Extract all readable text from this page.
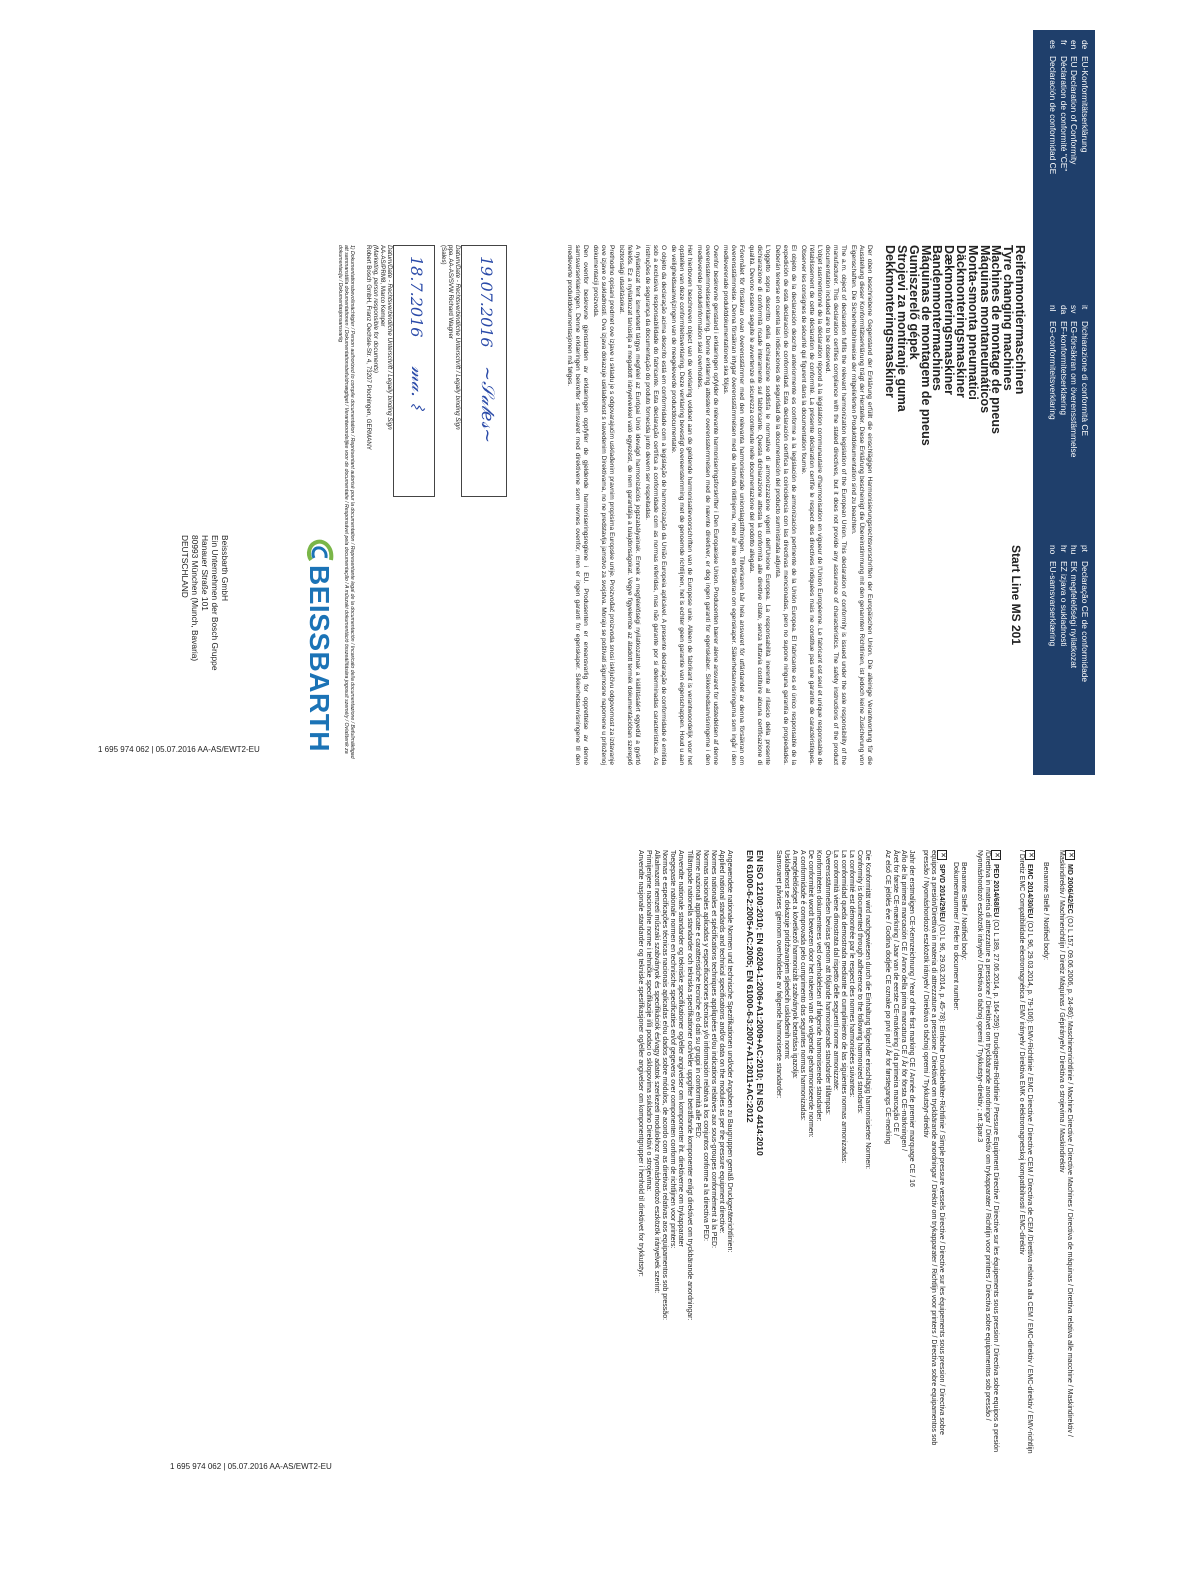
deEU-Konformitätserklärung
enEU Declaration of Conformity
frDéclaration de conformité "CE"
esDeclaración de conformidad CE
itDichiarazione di conformità CE
svEG-försäkran om överensstämmelse
daEF-konformitetserklæring
nlEG-conformiteitsverklaring
ptDeclaração CE de conformidade
huEK megfelelőségi nyilatkozat
hrEZ izjava o sukladnosti
noEU-samsvarserklæring
Reifenmontiermaschinen
Tyre changing machines
Machines de montage de pneus
Máquinas montaneumáticos
Monta-smonta pneumatici
Däckmonteringsmaskiner
Dækmonteringsmaskiner
Bandenmontermachines
Máquinas de montagem de pneus
Gumiszerelő gépek
Strojevi za montiranje guma
Dekkmonteringsmaskiner
Start Line MS 201
Der oben beschriebene Gegenstand der Erklärung erfüllt die einschlägigen Harmonisierungsrechtsvorschriften der Europäischen Union. Die alleinige Verantwortung für die Ausstellung dieser Konformitätserklärung trägt der Hersteller. Diese Erklärung bescheinigt die Übereinstimmung mit den genannten Richtlinien, ist jedoch keine Zusicherung von Eigenschaften. Die Sicherheitshinweise der mitgelieferten Produktdokumentation sind zu beachten.
The a.m. object of declaration fulfils the relevant harmonization legislation of the European Union. This declaration of conformity is issued under the sole responsibility of the manufacturer. This declaration certifies compliance with the stated directives, but it does not provide any assurance of characteristics. The safety instructions of the product documentation included are to be observed.
L'objet susmentionné de la déclaration répond à la législation communautaire d'harmonisation en vigueur de l'Union Européenne. Le fabricant est seul et unique responsable de l'établissement de cette déclaration de conformité. La présente déclaration certifie le respect des directives indiquées mais ne constitue pas une garantie de caractéristiques. Observer les consignes de sécurité qui figurent dans la documentation fournie.
El objeto de la declaración descrito anteriormente es conforme a la legislación de armonización pertinente de la Unión Europea. El fabricante es el único responsable de la expedición de esta declaración de conformidad. Esta declaración certifica la coincidencia con las directivas mencionadas, pero no supone ninguna garantía de propiedades. Deberán tenerse en cuenta las indicaciones de seguridad de la documentación del producto suministrada adjunta.
L'oggetto sopra descritto della dichiarazione soddisfa le normative di armonizzazione vigenti dell'Unione Europea. La responsabilità inerente al rilascio della presente dichiarazione di conformità ricade interamente sul fabbricante. Questa dichiarazione attesta la conformità alle direttive citate, senza tuttavia costituire alcuna certificazione di qualità. Devono essere seguite le avvertenze di sicurezza contenute nelle documentazione del prodotto allegata.
Föremålet för försäkran ovan överensstämmer med den relevanta harmoniserade unionslagstiftningen. Tillverkaren bär hela ansvaret för utfärdandet av denna försäkran om överensstämmelse. Denna försäkran intygar överensstämmelsen med de nämnda riktlinjerna, men är inte en försäkran om egenskaper. Säkerhetsanvisningarna som ingår i den medlevererade produktdokumentationen ska följas.
Ovenfor beskrevne genstand i erklæringen opfylder de relevante harmoniseringsforskrifter i Den Europæiske Union. Producenten bærer alene ansvaret for udstedelsen af denne overensstemmelseserklæring. Denne erklæring attesterer overensstemmelsen med de nævnte direktiver, er dog ingen garanti for egenskaber. Sikkerhedsanvisningerne i den medleverede produktinformation skal overholdes.
Het hierboven beschreven object van de verklaring voldoet aan de geldende harmonisatievoorschriften van de Europese unie. Alleen de fabrikant is verantwoordelijk voor het opstellen van deze conformiteitsverklaring. Deze verklaring bevestigt overeenstemming met de genoemde richtlijnen, het is echter geen garantie van eigenschappen. Houd u aan de veiligheidsaanwijzingen van de meegeleverde productdocumentatie.
O objeto da declaração acima descrito está em conformidade com a legislação de harmonização da União Europeia aplicável. A presente declaração de conformidade é emitida sob a exclusiva responsabilidade do fabricante. Esta declaração certifica a conformidade com as normas referidas, mas não garante por si determinadas características. As instruções de segurança da documentação do produto fornecida junto devem ser respeitadas.
A nyilatkozat fent ismertetett tárgya megfelel az Európai Unió idevágó harmonizációs jogszabályainak. Ennek a megfelelőségi nyilatkozatnak a kiállításáért egyedül a gyártó felelős. Ez a nyilatkozat tanúsítja a megadott irányelvekkel való egyezést, de nem garantálja a tulajdonságokat. Vegye figyelembe az átadott termék dokumentációban szereplő biztonsági utasításokat.
Prethodno opisani predmet ove izjave u skladu je s odgovarajućim usklađenim pravnim propisima Europske unije. Proizvođač proizvoda snosi isključivu odgovornost za izdavanje ove izjave o sukladnosti. Ova izjava dokazuje usklađenost s navedenim Direktivama, no ne predstavlja jamstvo za svojstva. Moraju se poštivati sigurnosne napomene u priloženoj dokumentaciji proizvoda.
Den ovenfor beskrevne gjenstanden av erklæringen oppfyller de gjeldende harmoniseringsreglene i EU. Produsenten er eneansvarlig for opprettelse av denne samsvarserklæringen. Denne erklæringen bekrefter samsvaret med direktivene som nevnes ovenfor, men er ingen garanti for egenskaper. Sikkerhetsanvisningene til den medleverte produktdokumentasjonen må følges.
19.07.2016
~𝒮𝒶𝓁𝑒𝓈~
Datum/Date - Rechtsverbindliche Unterschrift / Legally binding Sign
ppa. AA-AS/SVW Richard Wagner
(Sales)
18.7.2016
𝓂𝒶. ⌇
Datum/Date - Rechtsverbindliche Unterschrift / Legally binding Sign
AA-AS/PRM8, Marco Kemper
(Marketing, person responsible for documents)
Robert Bosch GmbH, Franz Oechsle-Str. 4, 73207 Plochingen, GERMANY
1) Dokumentationsbevollmächtigter / Person authorized to compile documentation / Représentant autorisé pour la documentation / Representante legal de la documentación / Incaricato della documentazione / Befullmäktigad att sammanställa dokumentationen / Dokumentationsbefuldmægtiget / Verantwoordelijke voor de documentatie / Responsável pela documentação / A műszaki dokumentáció összeállítására jogosult személy / Ovlaštenik za dokumentaciju / Dokumentasjonsansvarlig
BEISSBARTH
Beissbarth GmbH
Ein Unternehmen der Bosch Gruppe
Hanauer Straße 101
80993 München (Munch, Bavaria)
DEUTSCHLAND
1 695 974 062 | 05.07.2016 AA-AS/EWT2-EU
✕MD 2006/42/EC (OJ L 157, 09.06.2006, p. 24-86): Maschinenrichtlinie / Machine Directive / Directive Machines / Directiva de máquinas / Direttiva relativa alle macchine / Maskindirektiv / Maskindirektiv / Machinerichtlijn / Diretiz Máquinas / Gépirányelv / Direktiva o strojevima / Maskindirektiv
Benannte Stelle / Notified body:
✕EMC 2014/30/EU (OJ L 96, 29.03.2014, p. 79-106): EMV-Richtlinie / EMC Directive / Directive CEM / Directiva de CEM /Direttiva relativa alla CEM / EMC-direktiv / EMC-direktiv / EMV-richtlijn / Diretiz EMC Compatibilidade electromagnética / EMV irányelv / Direktiva EMK o elektromagnetskoj kompatibilnosti / EMC-direktiv
✕PED 2014/68/EU (OJ L 189, 27.06.2014, p. 164-259): Druckgeräte-Richtlinie / Pressure Equipment Directive / Directive sur les équipements sous pression / Directiva sobre equipos a presión /Direttiva in materia di attrezzature a pressione / Direktivet om tryckbärande anordningar / Direktiv om trykapparater / Richtlijn voor printers / Directiva sobre equipamentos sob pressão / Nyomáshordozó eszközök irányelv / Direktiva o tlačnoj opremi / Trykkutstyr-direktiv ; art.3par.3
Benannte Stelle / Notified body:
Dokumentnummer / Refer to document number:
✕SPVD 2014/29/EU (OJ L 96, 29.03.2014, p. 45-78): Einfache Druckbehälter-Richtlinie / Simple pressure vessels Directive / Directive sur les équipements sous pression / Directiva sobre equipos a presión/Direttiva in materia di attrezzature a pressione / Direktivet om tryckbärande anordningar / Direktiv om trykapparater / Richtlijn voor printers / Directiva sobre equipamentos sob pressão / Nyomáshordozó eszközök irányelv / Direktiva o tlačnoj opremi / Trykkutstyr-direktiv
Jahr der erstmaligen CE-Kennzeichnung / Year of the first marking CE / Année de premier marquage CE / 16
Año de la primera marcación CE / Anno della prima marcatura CE / År för första CE-märkningen /
Året for første CE-mærkning / Jaar van de eerste CE-markering / da primeira marcação CE /
Az első CE jelölés éve / Godina dodjele CE oznake po prvi put / År for førstegangs CE-merking
Die Konformität wird nachgewiesen durch die Einhaltung folgender einschlägig harmonisierter Normen:
Conformity is documented through adherence to the following harmonized standards:
La conformité est démontrée par le respect des normes harmonisées suivantes:
La conformidad queda demostrada mediante el cumplimiento de las siguientes normas armonizadas:
La conformità viene dimostrata dal rispetto delle seguenti norme armonizzate:
Överensstämmelsen bevisas genom att följande harmoniserade standarder tillämpas:
Konformiteten dokumenteres ved overholdelsen af følgende harmoniserede standarder:
De conformiteit wordt bewezen door het naleven van de volgende geharmoniseerde normen:
A conformidade é comprovada pelo cumprimento das seguintes normas harmonizadas:
A megfelelőséget a következő harmonizált szabványok betartása igazolja:
Usklađenost se dokazuje pridržavanjem sljedećih usklađenih normi:
Samsvaret påvises gjennom overholdelse av følgende harmoniserte standarder:
EN ISO 12100:2010; EN 60204-1:2006+A1:2009+AC:2010; EN ISO 4414:2010
EN 61000-6-2:2005+AC:2005; EN 61000-6-3:2007+A1:2011+AC:2012
Angewendete nationale Normen und technische Spezifikationen und/oder Angaben zu Baugruppen gemäß Druckgeräterichtlinien:
Applied national standards and technical specifications and/or data on the modules as per the pressure equipment directive:
Normes nationales et spécifications techniques appliquées et/ou indications relatives aux sous-groupes conformément à la PED:
Normas nacionales aplicadas y especificaciones técnicas y/o información relativa a los conjuntos conforme a la directiva PED:
Norme nazionali applicate e caratteristiche tecniche e/o dati su gruppi in conformità alle PED:
Tillämpade nationella standarder och tekniska specifikationer och/eller uppgifter beträffande komponenter enligt direktivet om tryckbärande anordningar:
Anvendte nationale standarder og tekniske specifikationer og/eller angivelser om komponenter iht. direktiverne om trykapparater
Toegepaste nationale normen en technische specificaties en/of gegevens over componenten conform de richtlijnen voor printers:
Normas e especificações técnicas nacionais aplicadas e/ou dados sobre módulos, de acordo com as diretivas relativas aos equipamentos sob pressão:
Alkalmazott nemzeti műszaki szabványok és specifikációk és/vagy adatok szerkezeti modulokhoz nyomáshordozó eszközök irányelvek szerint:
Primijenjene nacionalne norme i tehničke specifikacije i/ili podaci o sklopovima sukladno Direktivi o strojevima:
Anvendte nasjonale standarder og tekniske spesifikasjoner og/eller angivelser om komponentgrupper i henhold til direktivet for trykkutstyr:
1 695 974 062 | 05.07.2016 AA-AS/EWT2-EU
